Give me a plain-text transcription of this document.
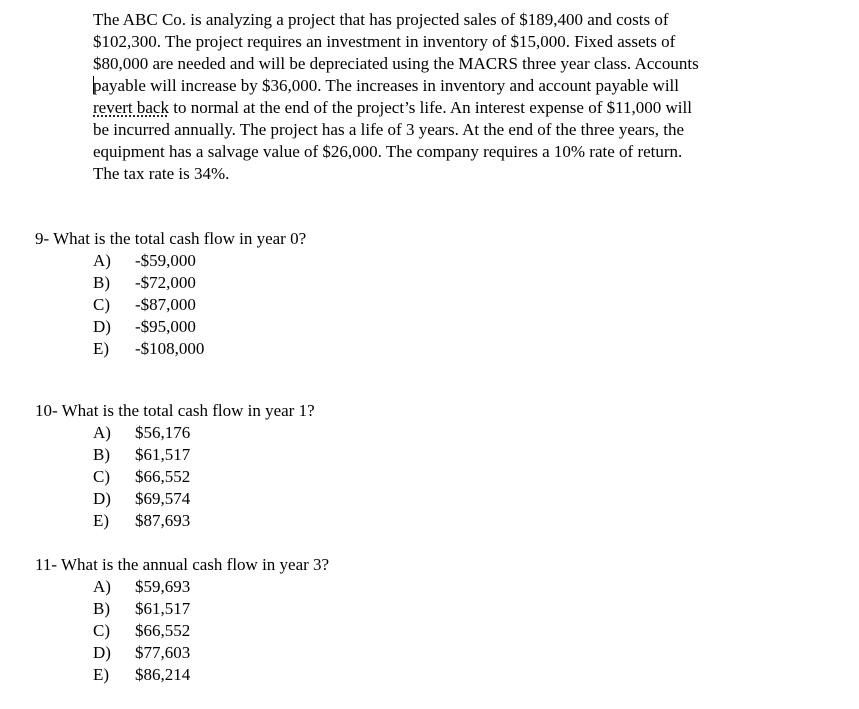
The ABC Co. is analyzing a project that has projected sales of $189,400 and costs of
$102,300. The project requires an investment in inventory of $15,000. Fixed assets of
$80,000 are needed and will be depreciated using the MACRS three year class. Accounts
payable will increase by $36,000. The increases in inventory and account payable will
revert back to normal at the end of the project’s life. An interest expense of $11,000 will
be incurred annually. The project has a life of 3 years. At the end of the three years, the
equipment has a salvage value of $26,000. The company requires a 10% rate of return.
The tax rate is 34%.
9- What is the total cash flow in year 0?
A) -$59,000
B) -$72,000
C) -$87,000
D) -$95,000
E) -$108,000
10- What is the total cash flow in year 1?
A) $56,176
B) $61,517
C) $66,552
D) $69,574
E) $87,693
11- What is the annual cash flow in year 3?
A) $59,693
B) $61,517
C) $66,552
D) $77,603
E) $86,214
